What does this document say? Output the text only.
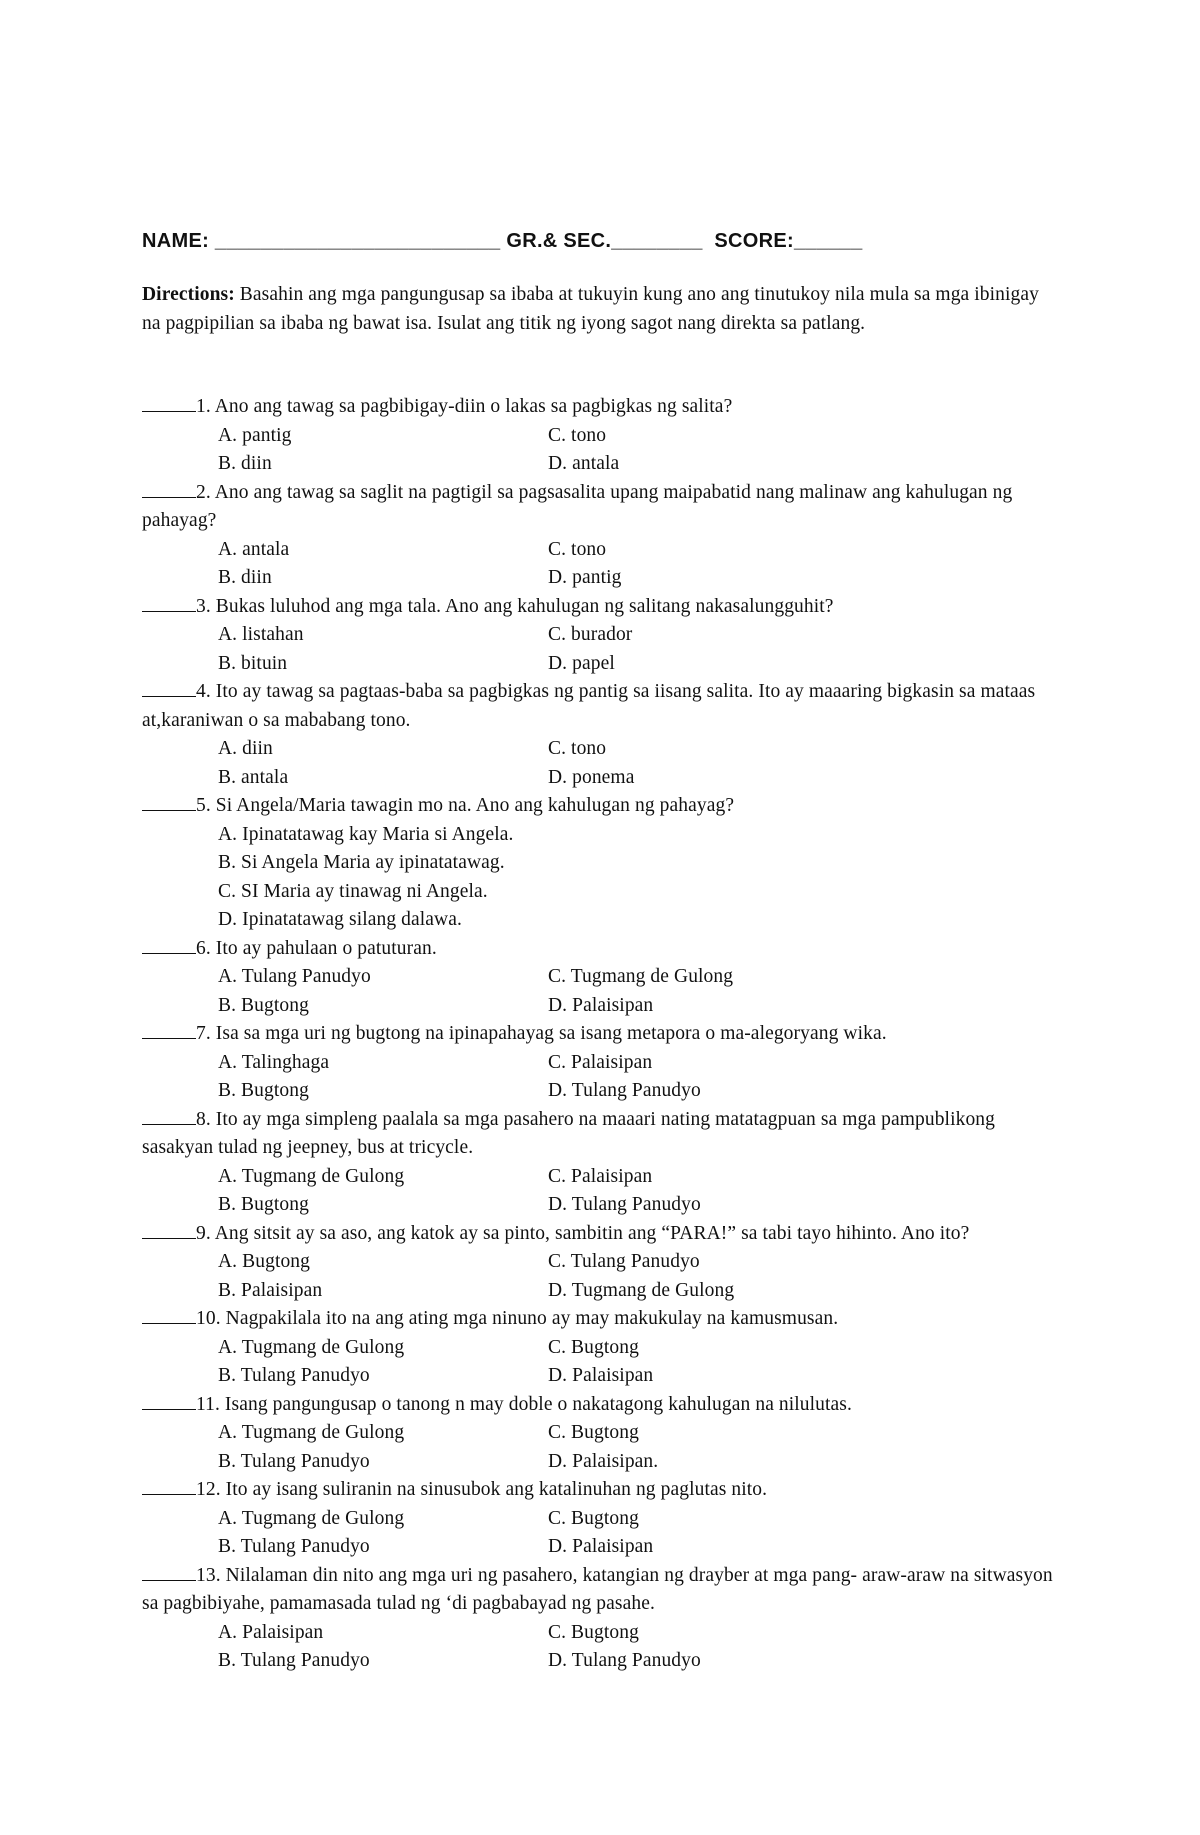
NAME: _________________________ GR.& SEC.________ SCORE:______
Directions: Basahin ang mga pangungusap sa ibaba at tukuyin kung ano ang tinutukoy nila mula sa mga ibinigay na pagpipilian sa ibaba ng bawat isa. Isulat ang titik ng iyong sagot nang direkta sa patlang.

1. Ano ang tawag sa pagbibigay-diin o lakas sa pagbigkas ng salita?

A. pantig	C. tono
B. diin	D. antala

2. Ano ang tawag sa saglit na pagtigil sa pagsasalita upang maipabatid nang malinaw ang kahulugan ng pahayag?

A. antala	C. tono
B. diin	D. pantig

3. Bukas luluhod ang mga tala. Ano ang kahulugan ng salitang nakasalungguhit?

A. listahan	C. burador
B. bituin	D. papel

4. Ito ay tawag sa pagtaas-baba sa pagbigkas ng pantig sa iisang salita. Ito ay maaaring bigkasin sa mataas at,karaniwan o sa mababang tono.

A. diin	C. tono
B. antala	D. ponema

5. Si Angela/Maria tawagin mo na. Ano ang kahulugan ng pahayag?

A. Ipinatatawag kay Maria si Angela.
B. Si Angela Maria ay ipinatatawag.
C. SI Maria ay tinawag ni Angela.
D. Ipinatatawag silang dalawa.

6. Ito ay pahulaan o patuturan.

A. Tulang Panudyo	C. Tugmang de Gulong
B. Bugtong	D. Palaisipan

7. Isa sa mga uri ng bugtong na ipinapahayag sa isang metapora o ma-alegoryang wika.

A. Talinghaga	C. Palaisipan
B. Bugtong	D. Tulang Panudyo

8. Ito ay mga simpleng paalala sa mga pasahero na maaari nating matatagpuan sa mga pampublikong sasakyan tulad ng jeepney, bus at tricycle.

A. Tugmang de Gulong	C. Palaisipan
B. Bugtong	D. Tulang Panudyo

9. Ang sitsit ay sa aso, ang katok ay sa pinto, sambitin ang “PARA!” sa tabi tayo hihinto. Ano ito?

A. Bugtong	C. Tulang Panudyo
B. Palaisipan	D. Tugmang de Gulong

10. Nagpakilala ito na ang ating mga ninuno ay may makukulay na kamusmusan.

A. Tugmang de Gulong	C. Bugtong
B. Tulang Panudyo	D. Palaisipan

11. Isang pangungusap o tanong n may doble o nakatagong kahulugan na nilulutas.

A. Tugmang de Gulong	C. Bugtong
B. Tulang Panudyo	D. Palaisipan.

12. Ito ay isang suliranin na sinusubok ang katalinuhan ng paglutas nito.

A. Tugmang de Gulong	C. Bugtong
B. Tulang Panudyo	D. Palaisipan

13. Nilalaman din nito ang mga uri ng pasahero, katangian ng drayber at mga pang- araw-araw na sitwasyon sa pagbibiyahe, pamamasada tulad ng ‘di pagbabayad ng pasahe.

A. Palaisipan	C. Bugtong
B. Tulang Panudyo	D. Tulang Panudyo
